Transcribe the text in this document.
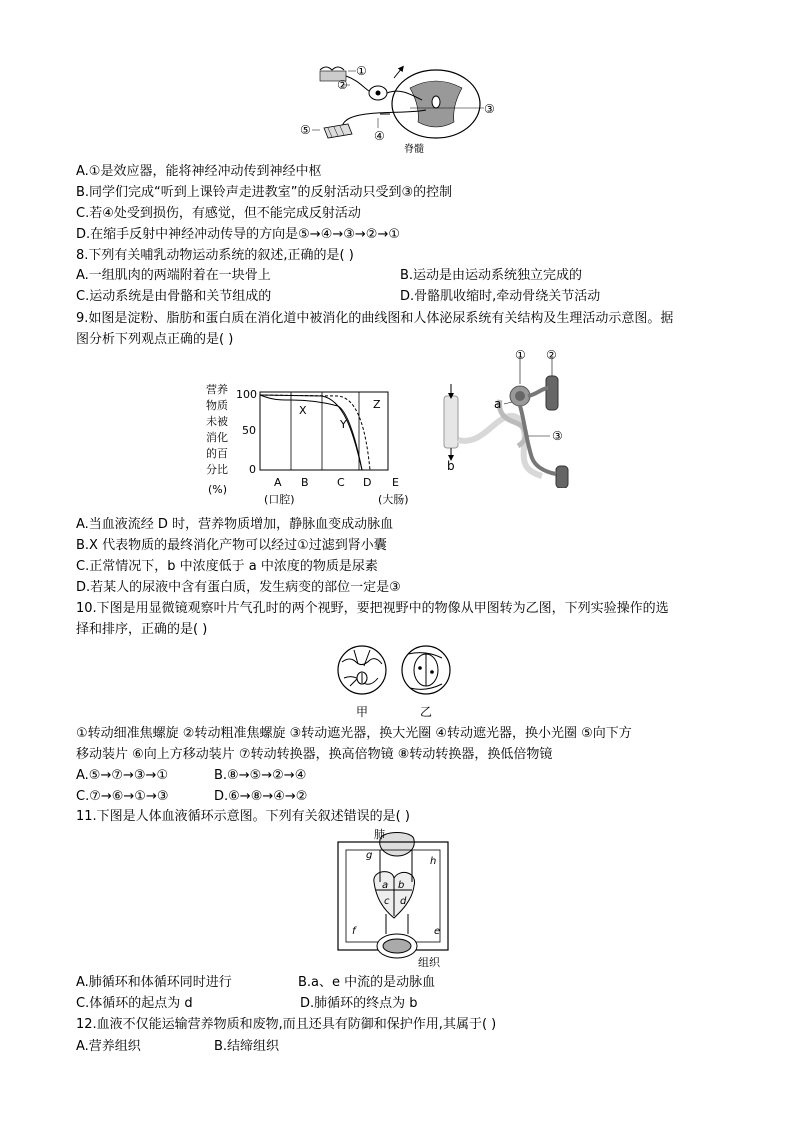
①
②
③
④
⑤
脊髓
A.①是效应器，能将神经冲动传到神经中枢
B.同学们完成“听到上课铃声走进教室”的反射活动只受到③的控制
C.若④处受到损伤，有感觉，但不能完成反射活动
D.在缩手反射中神经冲动传导的方向是⑤→④→③→②→①
8.下列有关哺乳动物运动系统的叙述,正确的是( )
A.一组肌肉的两端附着在一块骨上	B.运动是由运动系统独立完成的
C.运动系统是由骨骼和关节组成的	D.骨骼肌收缩时,牵动骨绕关节活动
9.如图是淀粉、脂肪和蛋白质在消化道中被消化的曲线图和人体泌尿系统有关结构及生理活动示意图。据
图分析下列观点正确的是( )
营养
物质
未被
消化
的百
分比
(%)
100
50
0
X
Y
Z
A B	C D E
(口腔)	(大肠)
① ②
③
a
b
A.当血液流经 D 时，营养物质增加，静脉血变成动脉血
B.X 代表物质的最终消化产物可以经过①过滤到肾小囊
C.正常情况下，b 中浓度低于 a 中浓度的物质是尿素
D.若某人的尿液中含有蛋白质，发生病变的部位一定是③
10.下图是用显微镜观察叶片气孔时的两个视野，要把视野中的物像从甲图转为乙图，下列实验操作的选
择和排序，正确的是( )
甲	乙
①转动细准焦螺旋 ②转动粗准焦螺旋 ③转动遮光器，换大光圈 ④转动遮光器，换小光圈 ⑤向下方
移动装片 ⑥向上方移动装片 ⑦转动转换器，换高倍物镜 ⑧转动转换器，换低倍物镜
A.⑤→⑦→③→①	B.⑧→⑤→②→④
C.⑦→⑥→①→③	D.⑥→⑧→④→②
11.下图是人体血液循环示意图。下列有关叙述错误的是( )
g
h
a b
c d
f	e
肺
组织
A.肺循环和体循环同时进行	B.a、e 中流的是动脉血
C.体循环的起点为 d	D.肺循环的终点为 b
12.血液不仅能运输营养物质和废物,而且还具有防御和保护作用,其属于( )
A.营养组织	B.结缔组织
